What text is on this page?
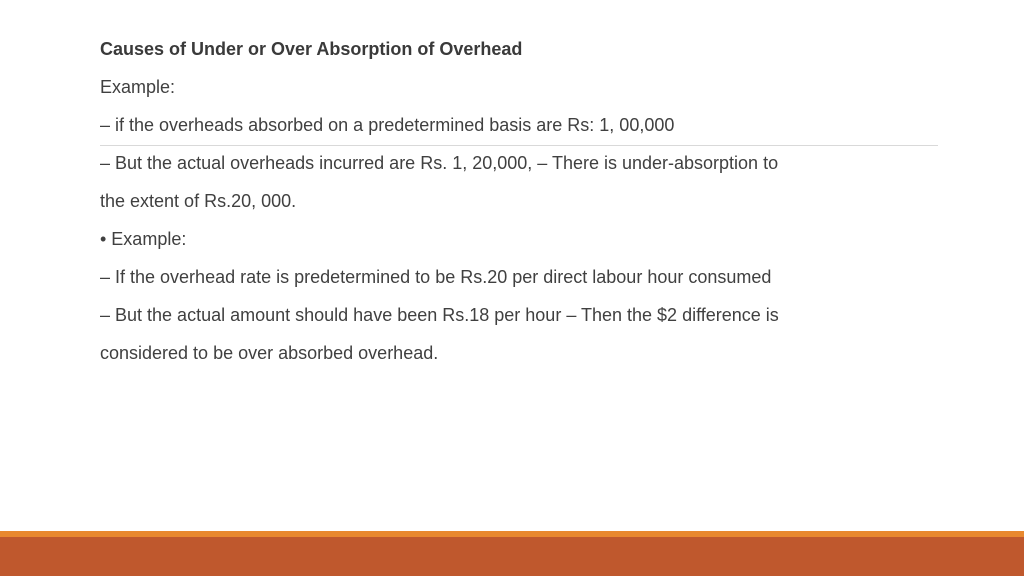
Causes of Under or Over Absorption of Overhead

Example:

– if the overheads absorbed on a predetermined basis are Rs: 1, 00,000

– But the actual overheads incurred are Rs. 1, 20,000, – There is under-absorption to

the extent of Rs.20, 000.

• Example:

– If the overhead rate is predetermined to be Rs.20 per direct labour hour consumed

– But the actual amount should have been Rs.18 per hour – Then the $2 difference is

considered to be over absorbed overhead.
